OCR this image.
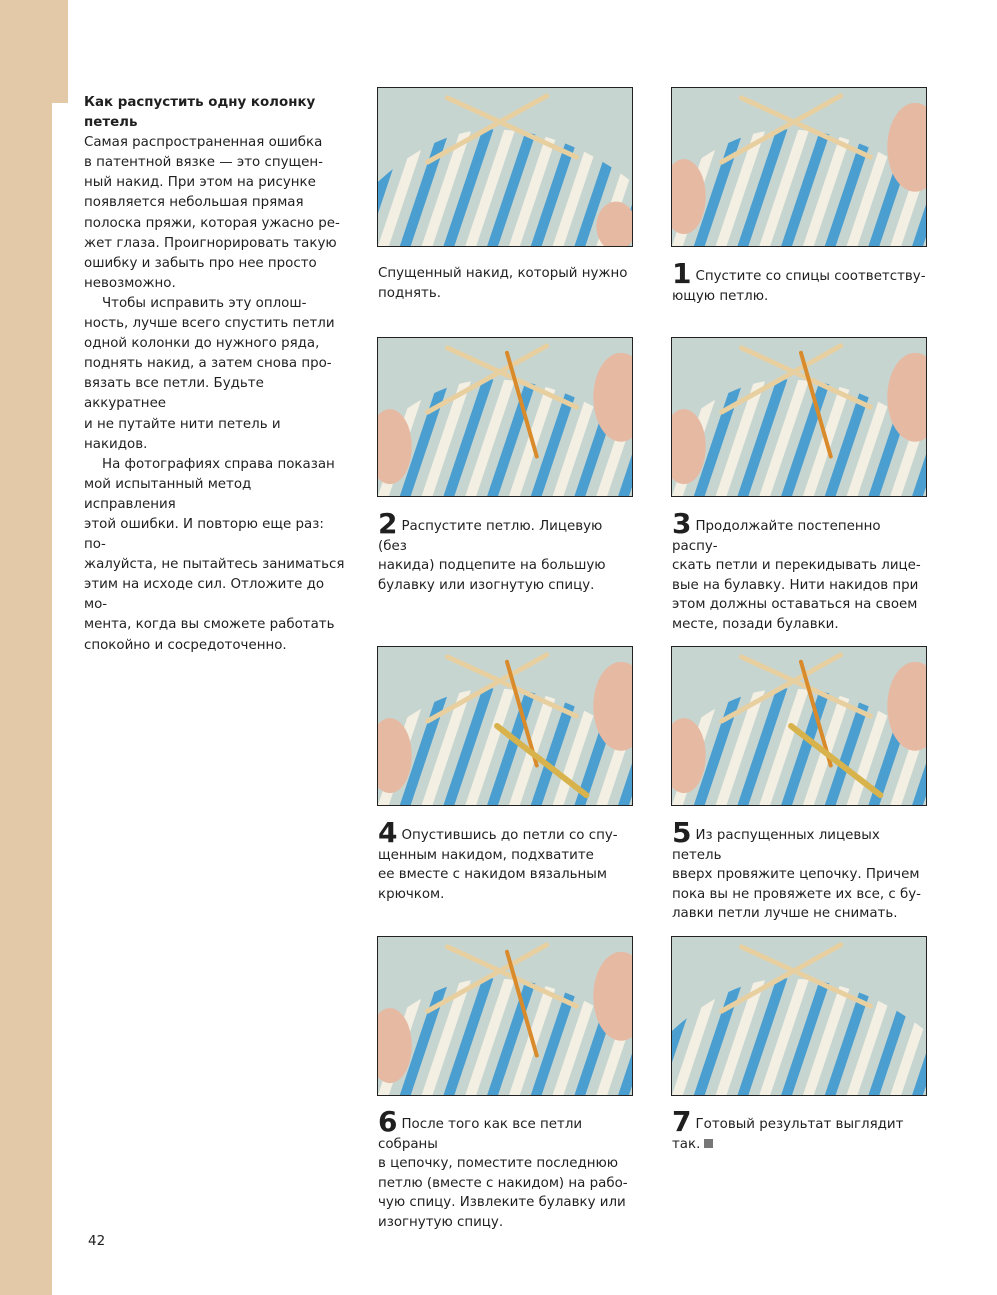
Как распустить одну колонку
петель

Самая распространенная ошибка
в патентной вязке — это спущен-
ный накид. При этом на рисунке
появляется небольшая прямая
полоска пряжи, которая ужасно ре-
жет глаза. Проигнорировать такую
ошибку и забыть про нее просто
невозможно.

Чтобы исправить эту оплош-
ность, лучше всего спустить петли
одной колонки до нужного ряда,
поднять накид, а затем снова про-
вязать все петли. Будьте аккуратнее
и не путайте нити петель и накидов.

На фотографиях справа показан
мой испытанный метод исправления
этой ошибки. И повторю еще раз: по-
жалуйста, не пытайтесь заниматься
этим на исходе сил. Отложите до мо-
мента, когда вы сможете работать
спокойно и сосредоточенно.

Спущенный накид, который нужно
поднять.
1 Спустите со спицы соответству-
ющую петлю.
2 Распустите петлю. Лицевую (без
накида) подцепите на большую
булавку или изогнутую спицу.
3 Продолжайте постепенно распу-
скать петли и перекидывать лице-
вые на булавку. Нити накидов при
этом должны оставаться на своем
месте, позади булавки.
4 Опустившись до петли со спу-
щенным накидом, подхватите
ее вместе с накидом вязальным
крючком.
5 Из распущенных лицевых петель
вверх провяжите цепочку. Причем
пока вы не провяжете их все, с бу-
лавки петли лучше не снимать.
6 После того как все петли собраны
в цепочку, поместите последнюю
петлю (вместе с накидом) на рабо-
чую спицу. Извлеките булавку или
изогнутую спицу.
7 Готовый результат выглядит
так.
42
